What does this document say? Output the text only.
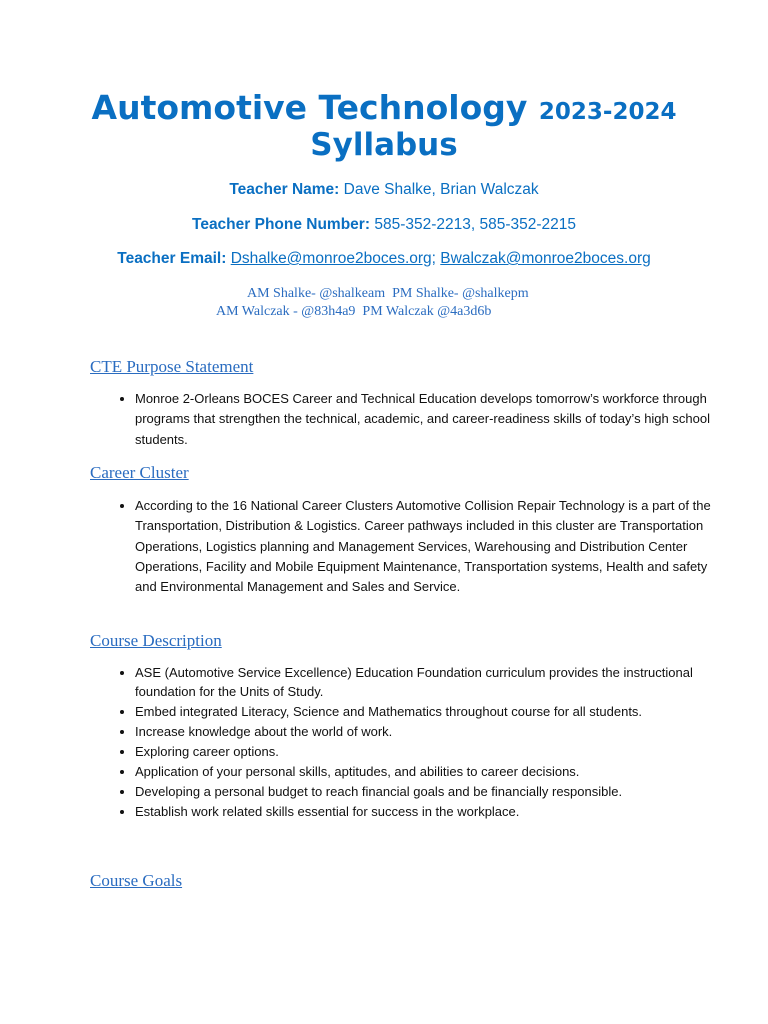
Automotive Technology 2023-2024
Syllabus
Teacher Name: Dave Shalke, Brian Walczak
Teacher Phone Number: 585-352-2213, 585-352-2215
Teacher Email: Dshalke@monroe2boces.org; Bwalczak@monroe2boces.org
AM Shalke- @shalkeam  PM Shalke- @shalkepm
AM Walczak - @83h4a9  PM Walczak @4a3d6b
CTE Purpose Statement
• Monroe 2-Orleans BOCES Career and Technical Education develops tomorrow’s workforce through programs that strengthen the technical, academic, and career-readiness skills of today’s high school students.
Career Cluster
• According to the 16 National Career Clusters Automotive Collision Repair Technology is a part of the Transportation, Distribution & Logistics. Career pathways included in this cluster are Transportation Operations, Logistics planning and Management Services, Warehousing and Distribution Center Operations, Facility and Mobile Equipment Maintenance, Transportation systems, Health and safety and Environmental Management and Sales and Service.
Course Description
• ASE (Automotive Service Excellence) Education Foundation curriculum provides the instructional foundation for the Units of Study.
• Embed integrated Literacy, Science and Mathematics throughout course for all students.
• Increase knowledge about the world of work.
• Exploring career options.
• Application of your personal skills, aptitudes, and abilities to career decisions.
• Developing a personal budget to reach financial goals and be financially responsible.
• Establish work related skills essential for success in the workplace.
Course Goals
